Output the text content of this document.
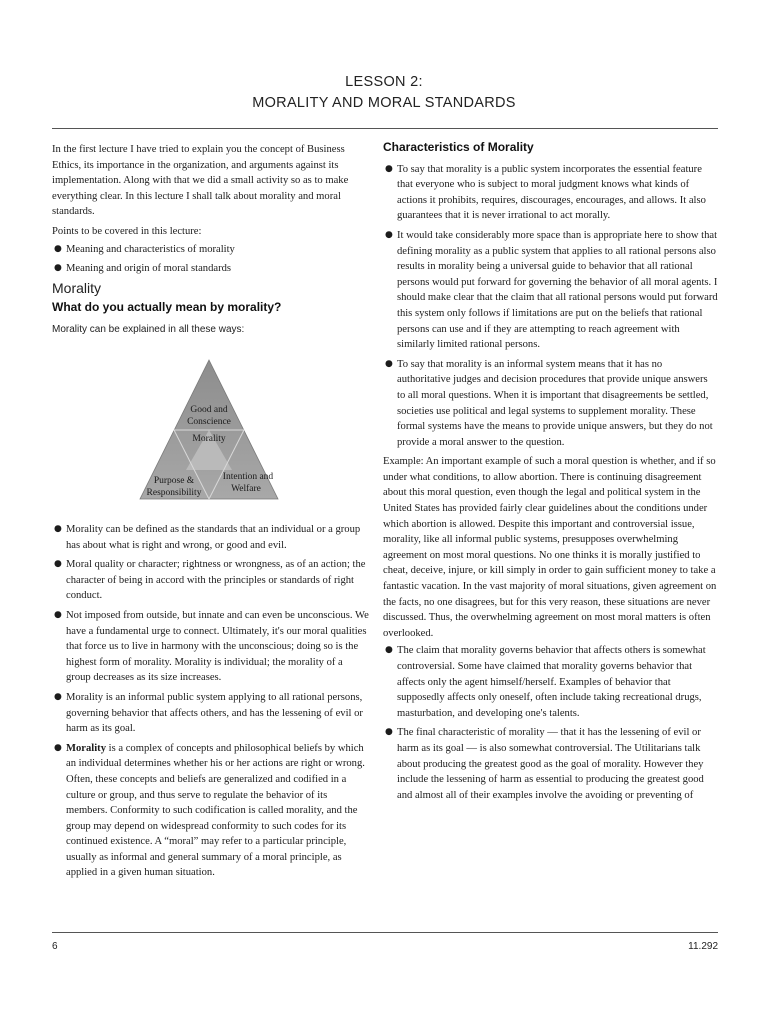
LESSON 2:
MORALITY AND MORAL STANDARDS

In the first lecture I have tried to explain you the concept of Business Ethics, its importance in the organization, and arguments against its implementation. Along with that we did a small activity so as to make everything clear. In this lecture I shall talk about morality and moral standards.

Points to be covered in this lecture:

● Meaning and characteristics of morality
● Meaning and origin of moral standards
Morality
What do you actually mean by morality?
Morality can be explained in all these ways:
Good and
Conscience
Morality
Purpose &
Responsibility
Intention and
Welfare
● Morality can be defined as the standards that an individual or a group has about what is right and wrong, or good and evil.
● Moral quality or character; rightness or wrongness, as of an action; the character of being in accord with the principles or standards of right conduct.
● Not imposed from outside, but innate and can even be unconscious. We have a fundamental urge to connect. Ultimately, it's our moral qualities that force us to live in harmony with the unconscious; doing so is the highest form of morality. Morality is individual; the morality of a group decreases as its size increases.
● Morality is an informal public system applying to all rational persons, governing behavior that affects others, and has the lessening of evil or harm as its goal.
● Morality is a complex of concepts and philosophical beliefs by which an individual determines whether his or her actions are right or wrong. Often, these concepts and beliefs are generalized and codified in a culture or group, and thus serve to regulate the behavior of its members. Conformity to such codification is called morality, and the group may depend on widespread conformity to such codes for its continued existence. A “moral” may refer to a particular principle, usually as informal and general summary of a moral principle, as applied in a given human situation.
Characteristics of Morality
● To say that morality is a public system incorporates the essential feature that everyone who is subject to moral judgment knows what kinds of actions it prohibits, requires, discourages, encourages, and allows. It also guarantees that it is never irrational to act morally.
● It would take considerably more space than is appropriate here to show that defining morality as a public system that applies to all rational persons also results in morality being a universal guide to behavior that all rational persons would put forward for governing the behavior of all moral agents. I should make clear that the claim that all rational persons would put forward this system only follows if limitations are put on the beliefs that rational persons can use and if they are attempting to reach agreement with similarly limited rational persons.
● To say that morality is an informal system means that it has no authoritative judges and decision procedures that provide unique answers to all moral questions. When it is important that disagreements be settled, societies use political and legal systems to supplement morality. These formal systems have the means to provide unique answers, but they do not provide a moral answer to the question.

Example: An important example of such a moral question is whether, and if so under what conditions, to allow abortion. There is continuing disagreement about this moral question, even though the legal and political system in the United States has provided fairly clear guidelines about the conditions under which abortion is allowed. Despite this important and controversial issue, morality, like all informal public systems, presupposes overwhelming agreement on most moral questions. No one thinks it is morally justified to cheat, deceive, injure, or kill simply in order to gain sufficient money to take a fantastic vacation. In the vast majority of moral situations, given agreement on the facts, no one disagrees, but for this very reason, these situations are never discussed. Thus, the overwhelming agreement on most moral matters is often overlooked.

● The claim that morality governs behavior that affects others is somewhat controversial. Some have claimed that morality governs behavior that affects only the agent himself/herself. Examples of behavior that supposedly affects only oneself, often include taking recreational drugs, masturbation, and developing one's talents.
● The final characteristic of morality — that it has the lessening of evil or harm as its goal — is also somewhat controversial. The Utilitarians talk about producing the greatest good as the goal of morality. However they include the lessening of harm as essential to producing the greatest good and almost all of their examples involve the avoiding or preventing of
6	11.292
